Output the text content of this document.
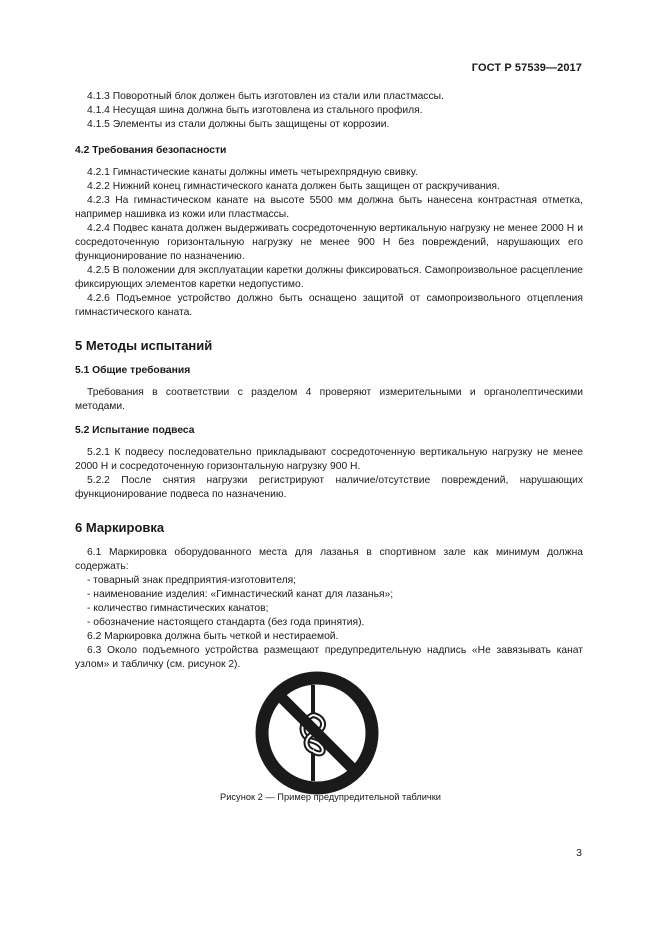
ГОСТ Р 57539—2017

4.1.3 Поворотный блок должен быть изготовлен из стали или пластмассы.

4.1.4 Несущая шина должна быть изготовлена из стального профиля.

4.1.5 Элементы из стали должны быть защищены от коррозии.

4.2 Требования безопасности

4.2.1 Гимнастические канаты должны иметь четырехпрядную свивку.

4.2.2 Нижний конец гимнастического каната должен быть защищен от раскручивания.

4.2.3 На гимнастическом канате на высоте 5500 мм должна быть нанесена контрастная отметка, например нашивка из кожи или пластмассы.

4.2.4 Подвес каната должен выдерживать сосредоточенную вертикальную нагрузку не менее 2000 Н и сосредоточенную горизонтальную нагрузку не менее 900 Н без повреждений, нарушающих его функционирование по назначению.

4.2.5 В положении для эксплуатации каретки должны фиксироваться. Самопроизвольное расцепление фиксирующих элементов каретки недопустимо.

4.2.6 Подъемное устройство должно быть оснащено защитой от самопроизвольного отцепления гимнастического каната.

5 Методы испытаний

5.1 Общие требования

Требования в соответствии с разделом 4 проверяют измерительными и органолептическими методами.

5.2 Испытание подвеса

5.2.1 К подвесу последовательно прикладывают сосредоточенную вертикальную нагрузку не менее 2000 Н и сосредоточенную горизонтальную нагрузку 900 Н.

5.2.2 После снятия нагрузки регистрируют наличие/отсутствие повреждений, нарушающих функционирование подвеса по назначению.

6 Маркировка

6.1 Маркировка оборудованного места для лазанья в спортивном зале как минимум должна содержать:

- товарный знак предприятия-изготовителя;
- наименование изделия: «Гимнастический канат для лазанья»;
- количество гимнастических канатов;
- обозначение настоящего стандарта (без года принятия).

6.2 Маркировка должна быть четкой и нестираемой.

6.3 Около подъемного устройства размещают предупредительную надпись «Не завязывать канат узлом» и табличку (см. рисунок 2).

Рисунок 2 — Пример предупредительной таблички
3
